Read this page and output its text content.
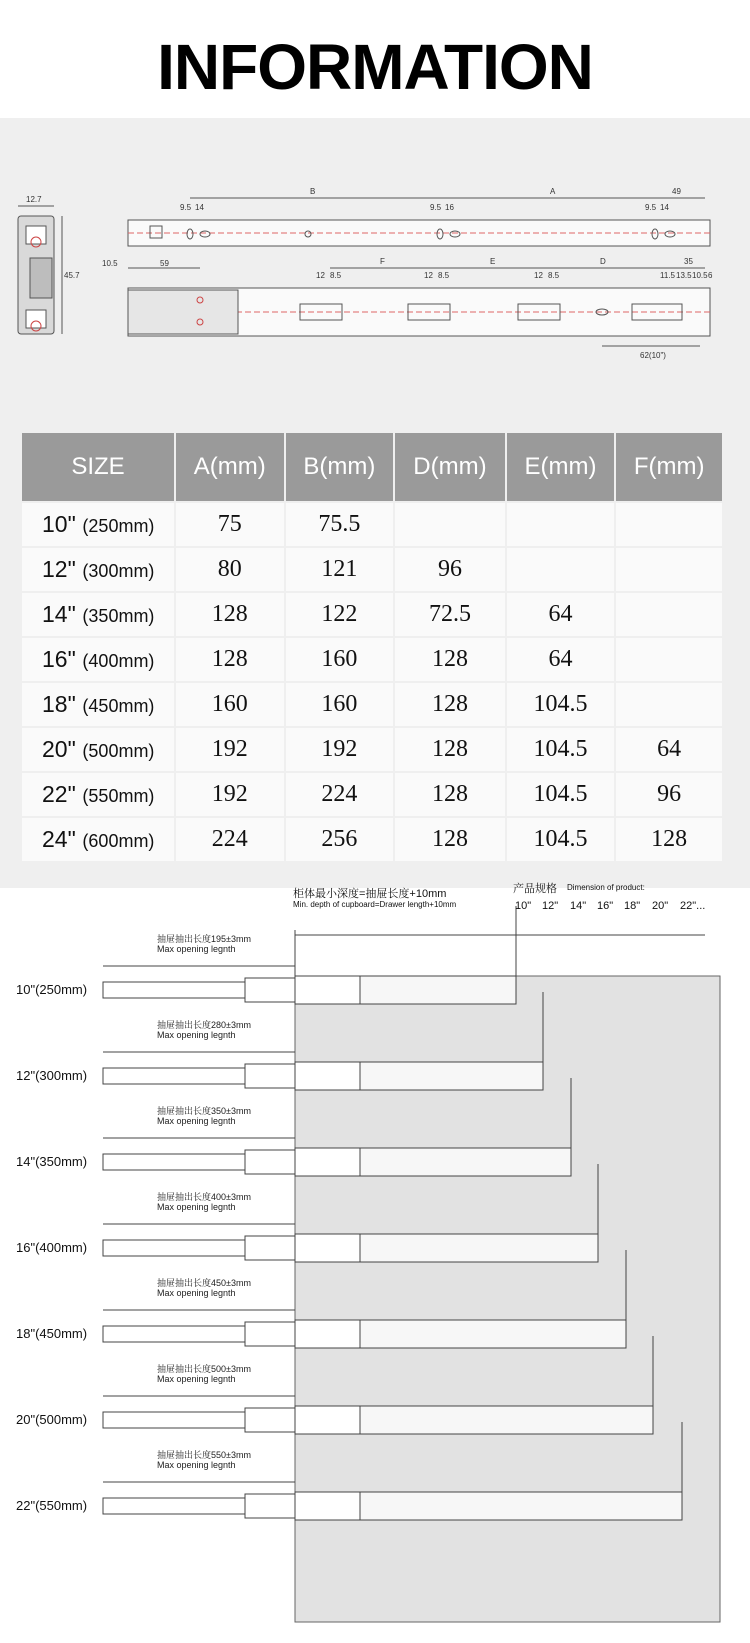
INFORMATION
12.7
45.7
B	A	49
9.5 14	9.5 16	9.5 14
10.5	59	F	E	D	35
12 8.5	12 8.5	12 8.5	11.5 13.5 10.5 6
62(10")
SIZE	A(mm)	B(mm)	D(mm)	E(mm)	F(mm)
10" (250mm)	75	75.5			
12" (300mm)	80	121	96		
14" (350mm)	128	122	72.5	64	
16" (400mm)	128	160	128	64	
18" (450mm)	160	160	128	104.5	
20" (500mm)	192	192	128	104.5	64
22" (550mm)	192	224	128	104.5	96
24" (600mm)	224	256	128	104.5	128
柜体最小深度=抽屉长度+10mm
Min. depth of cupboard=Drawer length+10mm
产品规格 Dimension of product:
10" 12" 14" 16" 18" 20" 22"...
10"(250mm)
抽屉抽出长度195±3mm
Max opening legnth
12"(300mm)
抽屉抽出长度280±3mm
Max opening legnth
14"(350mm)
抽屉抽出长度350±3mm
Max opening legnth
16"(400mm)
抽屉抽出长度400±3mm
Max opening legnth
18"(450mm)
抽屉抽出长度450±3mm
Max opening legnth
20"(500mm)
抽屉抽出长度500±3mm
Max opening legnth
22"(550mm)
抽屉抽出长度550±3mm
Max opening legnth
